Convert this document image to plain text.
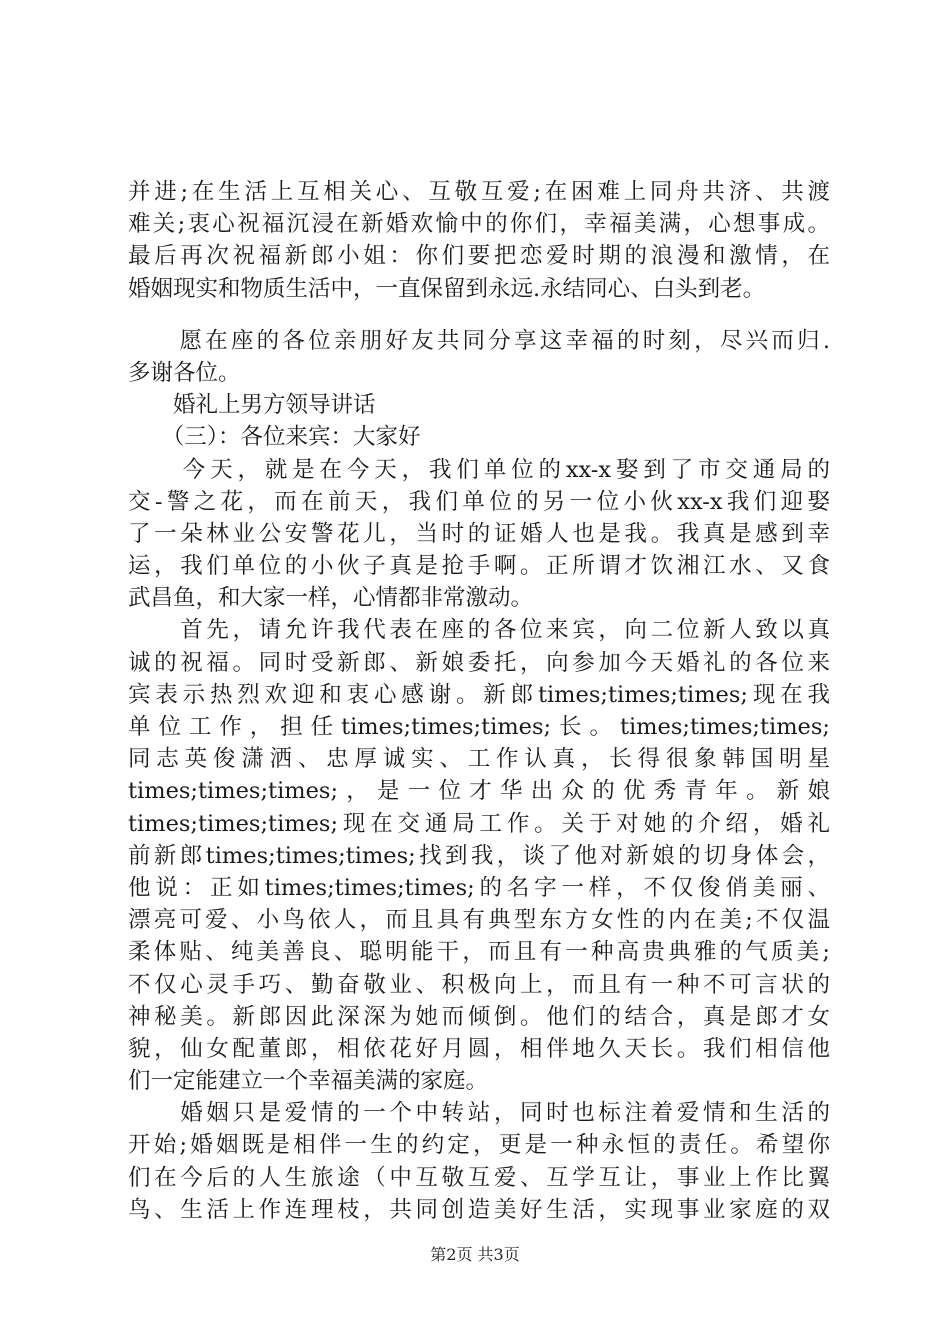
并进;在生活上互相关心、互敬互爱;在困难上同舟共济、共渡
难关;衷心祝福沉浸在新婚欢愉中的你们，幸福美满，心想事成。
最后再次祝福新郎小姐：你们要把恋爱时期的浪漫和激情，在
婚姻现实和物质生活中，一直保留到永远.永结同心、白头到老。
　　愿在座的各位亲朋好友共同分享这幸福的时刻，尽兴而归.
多谢各位。
　　婚礼上男方领导讲话
　　（三）：各位来宾：大家好
　　今天，就是在今天，我们单位的xx-x娶到了市交通局的
交-警之花，而在前天，我们单位的另一位小伙xx-x我们迎娶
了一朵林业公安警花儿，当时的证婚人也是我。我真是感到幸
运，我们单位的小伙子真是抢手啊。正所谓才饮湘江水、又食
武昌鱼，和大家一样，心情都非常激动。
　　首先，请允许我代表在座的各位来宾，向二位新人致以真
诚的祝福。同时受新郎、新娘委托，向参加今天婚礼的各位来
宾表示热烈欢迎和衷心感谢。新郎times;times;times;现在我
单位工作，担任times;times;times;长。times;times;times;
同志英俊潇洒、忠厚诚实、工作认真，长得很象韩国明星
times;times;times;，是一位才华出众的优秀青年。新娘
times;times;times;现在交通局工作。关于对她的介绍，婚礼
前新郎times;times;times;找到我，谈了他对新娘的切身体会，
他说：正如times;times;times;的名字一样，不仅俊俏美丽、
漂亮可爱、小鸟依人，而且具有典型东方女性的内在美;不仅温
柔体贴、纯美善良、聪明能干，而且有一种高贵典雅的气质美;
不仅心灵手巧、勤奋敬业、积极向上，而且有一种不可言状的
神秘美。新郎因此深深为她而倾倒。他们的结合，真是郎才女
貌，仙女配董郎，相依花好月圆，相伴地久天长。我们相信他
们一定能建立一个幸福美满的家庭。
　　婚姻只是爱情的一个中转站，同时也标注着爱情和生活的
开始;婚姻既是相伴一生的约定，更是一种永恒的责任。希望你
们在今后的人生旅途（中互敬互爱、互学互让，事业上作比翼
鸟、生活上作连理枝，共同创造美好生活，实现事业家庭的双
第2页 共3页
